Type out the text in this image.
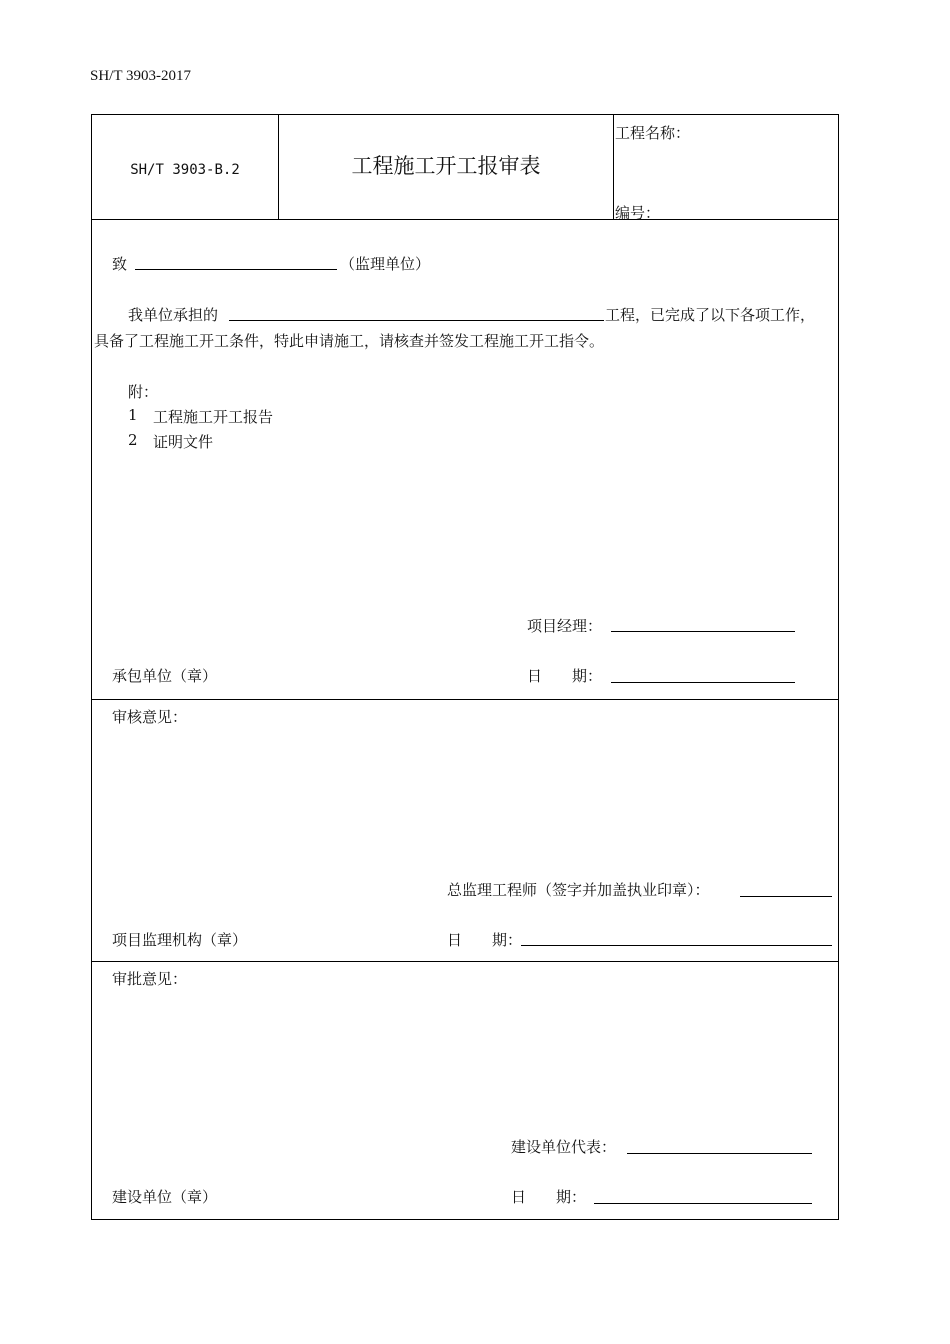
SH/T 3903-2017
SH/T 3903-B.2	工程施工开工报审表
工程名称：
编号：
致	（监理单位）
我单位承担的	工程，已完成了以下各项工作，
具备了工程施工开工条件，特此申请施工，请核查并签发工程施工开工指令。
附：
1 工程施工开工报告
2 证明文件
项目经理：
承包单位（章）	日　　期：
审核意见：
总监理工程师（签字并加盖执业印章）：
项目监理机构（章）	日　　期：
审批意见：
建设单位代表：
建设单位（章）	日　　期：
